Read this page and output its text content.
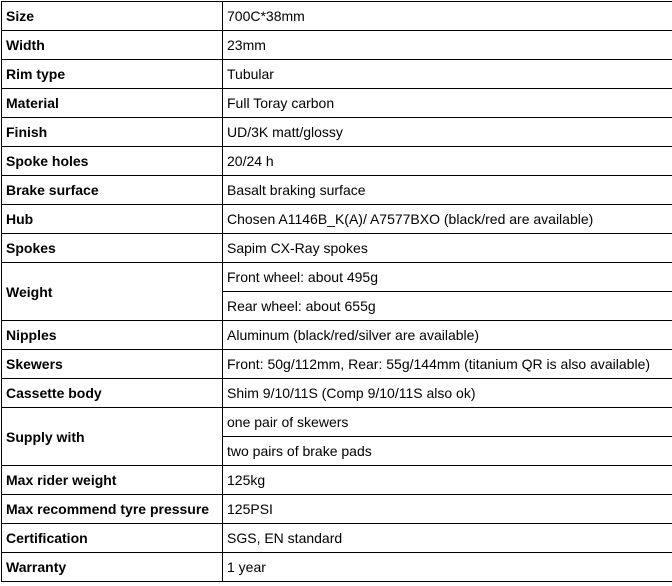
Size	700C*38mm
Width	23mm
Rim type	Tubular
Material	Full Toray carbon
Finish	UD/3K matt/glossy
Spoke holes	20/24 h
Brake surface	Basalt braking surface
Hub	Chosen A1146B_K(A)/ A7577BXO (black/red are available)
Spokes	Sapim CX-Ray spokes
Weight	Front wheel: about 495g
	Rear wheel: about 655g
Nipples	Aluminum (black/red/silver are available)
Skewers	Front: 50g/112mm, Rear: 55g/144mm (titanium QR is also available)
Cassette body	Shim 9/10/11S (Comp 9/10/11S also ok)
Supply with	one pair of skewers
	two pairs of brake pads
Max rider weight	125kg
Max recommend tyre pressure	125PSI
Certification	SGS, EN standard
Warranty	1 year
